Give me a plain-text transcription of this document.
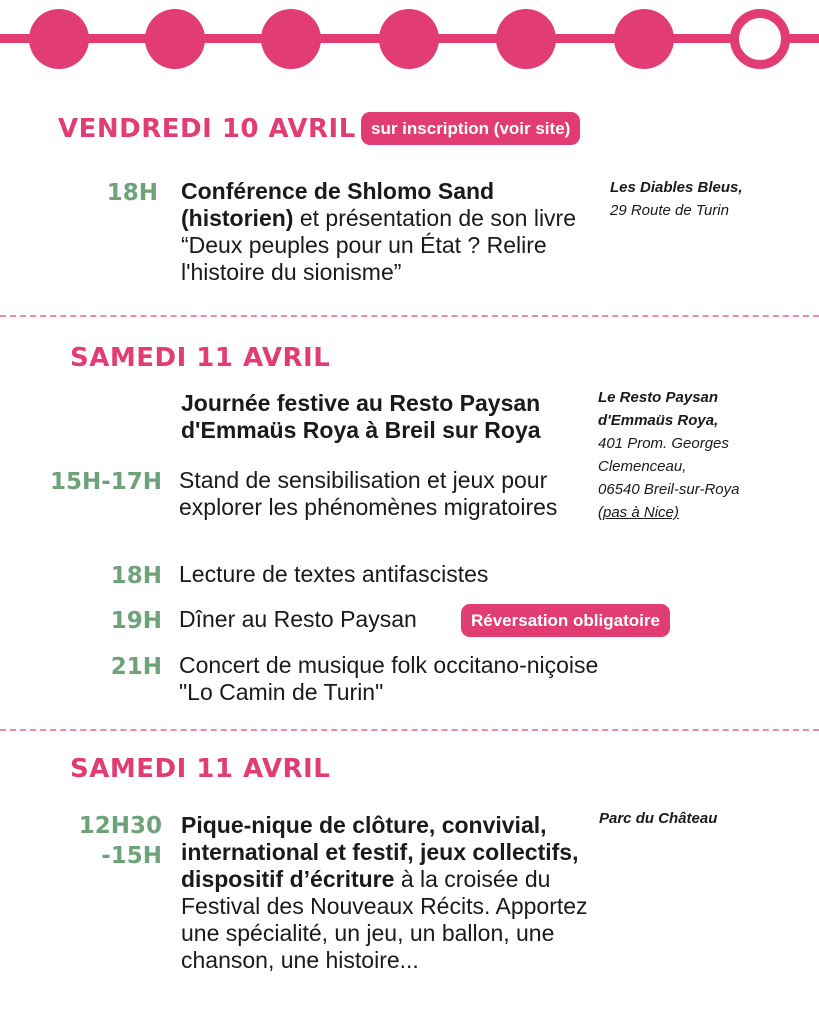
VENDREDI 10 AVRIL sur inscription (voir site)
18H Conférence de Shlomo Sand (historien) et présentation de son livre “Deux peuples pour un État ? Relire l'histoire du sionisme”
Les Diables Bleus,
29 Route de Turin
SAMEDI 11 AVRIL
Journée festive au Resto Paysan d'Emmaüs Roya à Breil sur Roya
Le Resto Paysan
d'Emmaüs Roya,
401 Prom. Georges
Clemenceau,
06540 Breil-sur-Roya
(pas à Nice)
15H-17H Stand de sensibilisation et jeux pour explorer les phénomènes migratoires
18H Lecture de textes antifascistes
19H Dîner au Resto Paysan	Réversation obligatoire
21H Concert de musique folk occitano-niçoise "Lo Camin de Turin"
SAMEDI 11 AVRIL
12H30
-15H
Pique-nique de clôture, convivial, international et festif, jeux collectifs, dispositif d’écriture à la croisée du Festival des Nouveaux Récits. Apportez une spécialité, un jeu, un ballon, une chanson, une histoire...
Parc du Château
